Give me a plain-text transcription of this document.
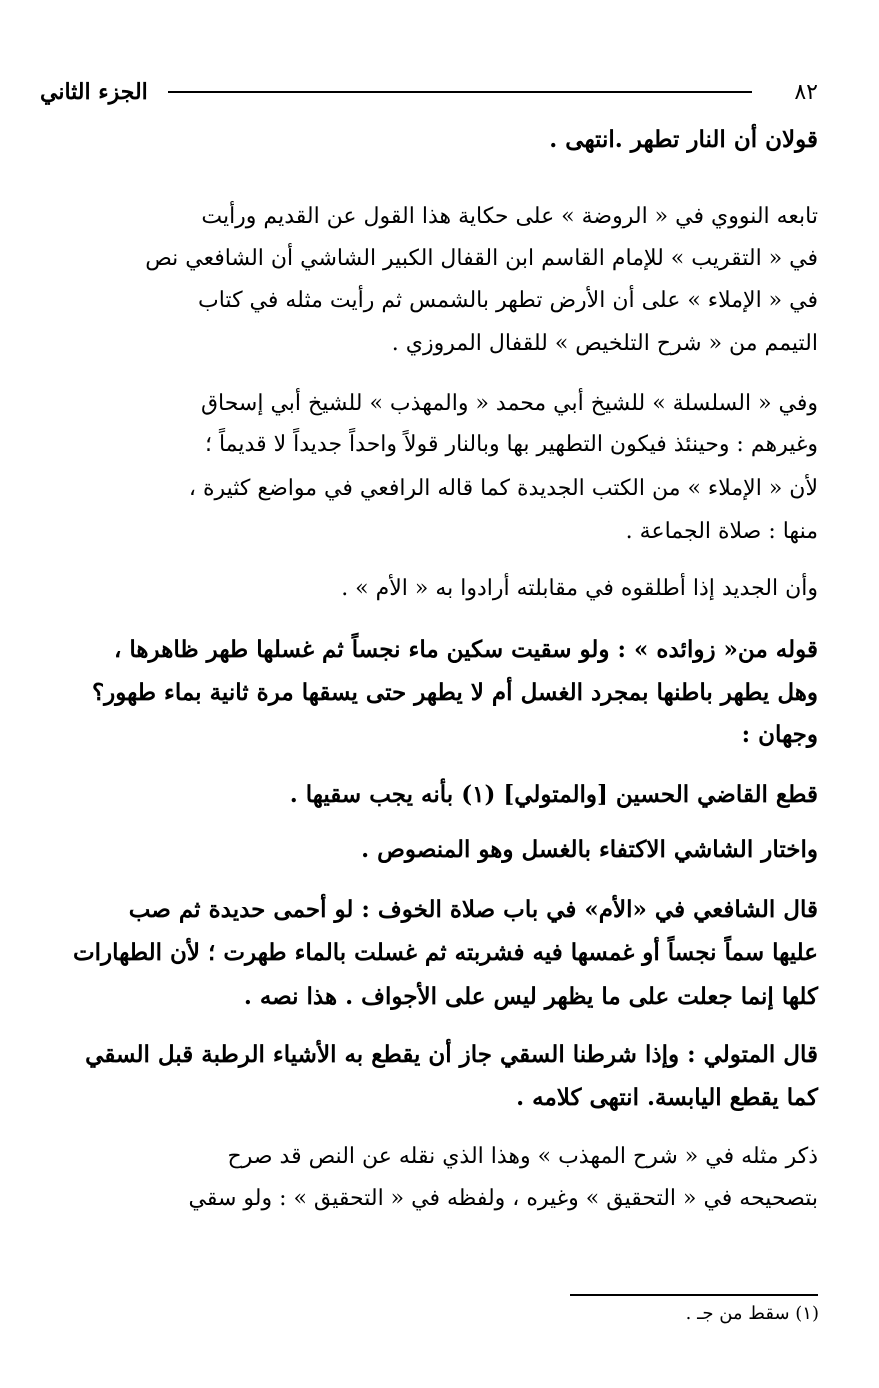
٨٢
الجزء الثاني
قولان أن النار تطهر .انتهى .
تابعه النووي في « الروضة » على حكاية هذا القول عن القديم ورأيت
في « التقريب » للإمام القاسم ابن القفال الكبير الشاشي أن الشافعي نص
في « الإملاء » على أن الأرض تطهر بالشمس ثم رأيت مثله في كتاب
التيمم من « شرح التلخيص » للقفال المروزي .
وفي « السلسلة » للشيخ أبي محمد « والمهذب » للشيخ أبي إسحاق
وغيرهم : وحينئذ فيكون التطهير بها وبالنار قولاً واحداً جديداً لا قديماً ؛
لأن « الإملاء » من الكتب الجديدة كما قاله الرافعي في مواضع كثيرة ،
منها : صلاة الجماعة .
وأن الجديد إذا أطلقوه في مقابلته أرادوا به « الأم » .
قوله من« زوائده » : ولو سقيت سكين ماء نجساً ثم غسلها طهر ظاهرها ،
وهل يطهر باطنها بمجرد الغسل أم لا يطهر حتى يسقها مرة ثانية بماء طهور؟
وجهان :
قطع القاضي الحسين [والمتولي] (١) بأنه يجب سقيها .
واختار الشاشي الاكتفاء بالغسل وهو المنصوص .
قال الشافعي في «الأم» في باب صلاة الخوف : لو أحمى حديدة ثم صب
عليها سماً نجساً أو غمسها فيه فشربته ثم غسلت بالماء طهرت ؛ لأن الطهارات
كلها إنما جعلت على ما يظهر ليس على الأجواف . هذا نصه .
قال المتولي : وإذا شرطنا السقي جاز أن يقطع به الأشياء الرطبة قبل السقي
كما يقطع اليابسة. انتهى كلامه .
ذكر مثله في « شرح المهذب » وهذا الذي نقله عن النص قد صرح
بتصحيحه في « التحقيق » وغيره ، ولفظه في « التحقيق » : ولو سقي
(١) سقط من جـ .
